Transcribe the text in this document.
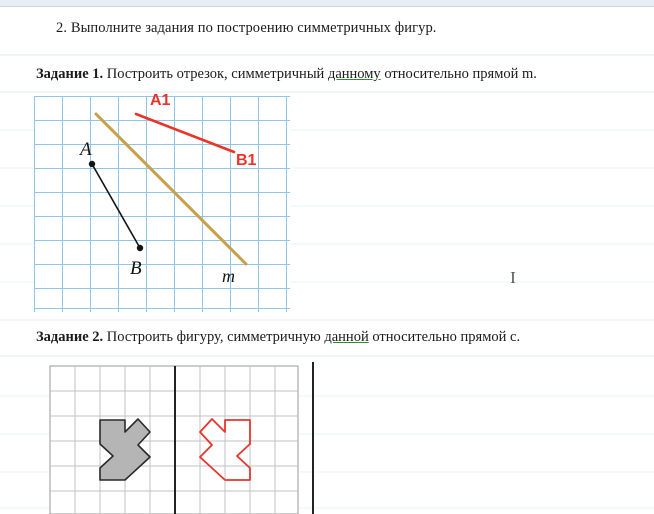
2. Выполните задания по построению симметричных фигур.
Задание 1. Построить отрезок, симметричный данному относительно прямой m.
A
B	m
A1
B1
I
Задание 2. Построить фигуру, симметричную данной относительно прямой c.
